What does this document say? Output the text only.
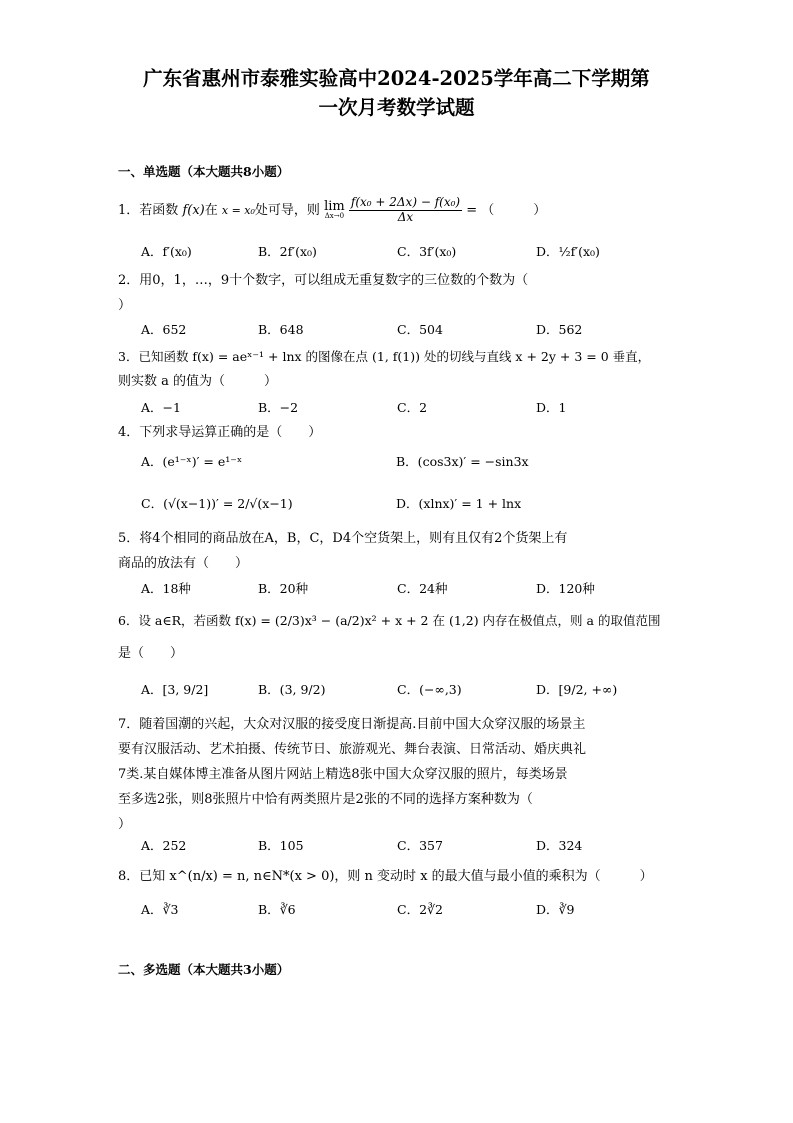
广东省惠州市泰雅实验高中2024-2025学年高二下学期第
一次月考数学试题
一、单选题（本大题共8小题）
1．若函数 f(x)在 x = x₀处可导，则 lim
Δx→0
$\frac{\text{f(x₀ + 2Δx) − f(x₀)}}{\Delta x}$ = （　　　）
A．f′(x₀)	B．2f′(x₀)	C．3f′(x₀)	D．½f′(x₀)
2．用0，1，…，9十个数字，可以组成无重复数字的三位数的个数为（
）
A．652	B．648	C．504	D．562
3．已知函数 f(x) = aeˣ⁻¹ + lnx 的图像在点 (1, f(1)) 处的切线与直线 x + 2y + 3 = 0 垂直，
则实数 a 的值为（　　　）
A．−1	B．−2	C．2	D．1
4．下列求导运算正确的是（　　）
A．(e¹⁻ˣ)′ = e¹⁻ˣ	B．(cos3x)′ = −sin3x
C．(√(x−1))′ = 2/√(x−1)	D．(xlnx)′ = 1 + lnx
5．将4个相同的商品放在A，B，C，D4个空货架上，则有且仅有2个货架上有
商品的放法有（　　）
A．18种	B．20种	C．24种	D．120种
6．设 a∈R，若函数 f(x) = (2/3)x³ − (a/2)x² + x + 2 在 (1,2) 内存在极值点，则 a 的取值范围
是（　　）
A．[3, 9/2]	B．(3, 9/2)	C．(−∞,3)	D．[9/2, +∞)
7．随着国潮的兴起，大众对汉服的接受度日渐提高.目前中国大众穿汉服的场景主
要有汉服活动、艺术拍摄、传统节日、旅游观光、舞台表演、日常活动、婚庆典礼
7类.某自媒体博主准备从图片网站上精选8张中国大众穿汉服的照片，每类场景
至多选2张，则8张照片中恰有两类照片是2张的不同的选择方案种数为（
）
A．252	B．105	C．357	D．324
8．已知 x^(n/x) = n, n∈N*(x > 0)，则 n 变动时 x 的最大值与最小值的乘积为（　　　）
A．∛3	B．∛6	C．2∛2	D．∛9
二、多选题（本大题共3小题）
